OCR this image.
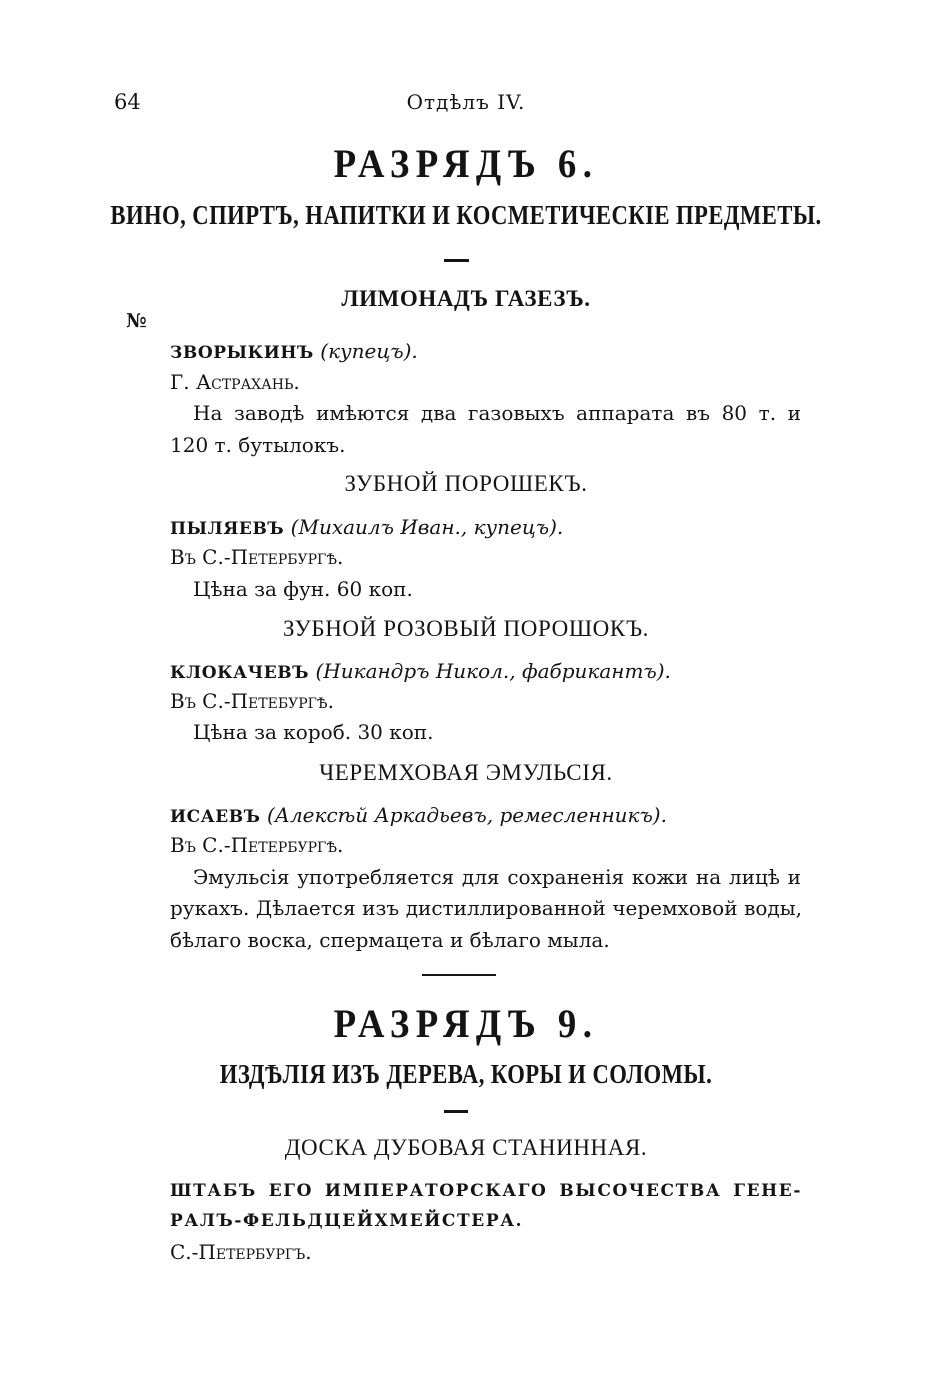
64	Отдѣлъ IV.
РАЗРЯДЪ 6.
ВИНО, СПИРТЪ, НАПИТКИ И КОСМЕТИЧЕСКІЕ ПРЕДМЕТЫ.
ЛИМОНАДЪ ГАЗЕЗЪ.
№
ЗВОРЫКИНЪ (купецъ).
Г. Астрахань.
На заводѣ имѣются два газовыхъ аппарата въ 80 т. и
120 т. бутылокъ.
ЗУБНОЙ ПОРОШЕКЪ.
ПЫЛЯЕВЪ (Михаилъ Иван., купецъ).
Въ С.-Петербургѣ.
Цѣна за фун. 60 коп.
ЗУБНОЙ РОЗОВЫЙ ПОРОШОКЪ.
КЛОКАЧЕВЪ (Никандръ Никол., фабрикантъ).
Въ С.-Петебургѣ.
Цѣна за короб. 30 коп.
ЧЕРЕМХОВАЯ ЭМУЛЬСІЯ.
ИСАЕВЪ (Алексѣй Аркадьевъ, ремесленникъ).
Въ С.-Петербургѣ.
Эмульсія употребляется для сохраненія кожи на лицѣ и
рукахъ. Дѣлается изъ дистиллированной черемховой воды,
бѣлаго воска, спермацета и бѣлаго мыла.
РАЗРЯДЪ 9.
ИЗДѢЛІЯ ИЗЪ ДЕРЕВА, КОРЫ И СОЛОМЫ.
ДОСКА ДУБОВАЯ СТАНИННАЯ.
ШТАБЪ ЕГО ИМПЕРАТОРСКАГО ВЫСОЧЕСТВА ГЕНЕ-
РАЛЪ-ФЕЛЬДЦЕЙХМЕЙСТЕРА.
С.-Петербургъ.
